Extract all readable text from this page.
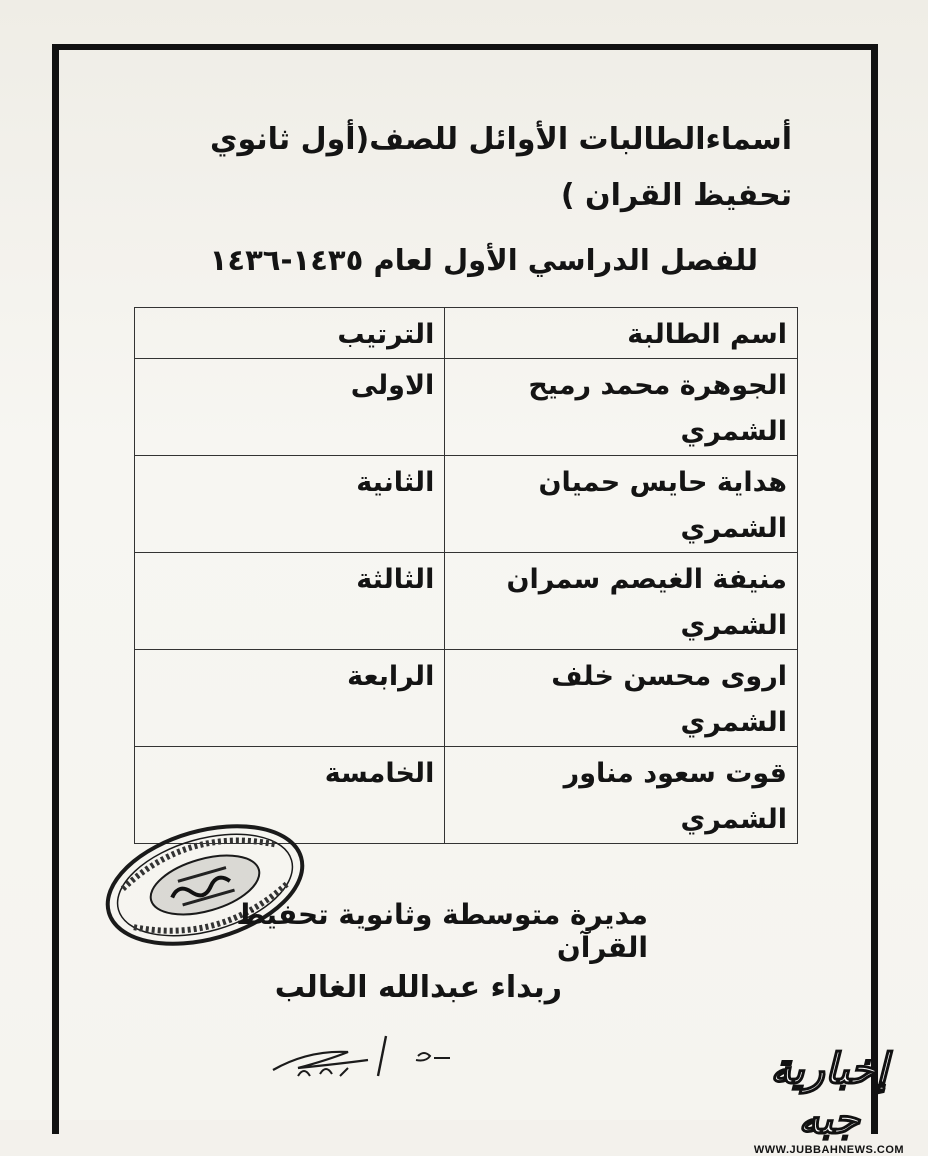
أسماءالطالبات الأوائل للصف(أول ثانوي تحفيظ القران )
للفصل الدراسي الأول لعام ١٤٣٥-١٤٣٦
اسم الطالبة	الترتيب
الجوهرة محمد رميح الشمري	الاولى
هداية حايس حميان الشمري	الثانية
منيفة الغيصم سمران الشمري	الثالثة
اروى محسن خلف الشمري	الرابعة
قوت سعود مناور الشمري	الخامسة
مديرة متوسطة وثانوية تحفيظ القرآن
ربداء عبدالله الغالب
إخبارية جبه
WWW.JUBBAHNEWS.COM
